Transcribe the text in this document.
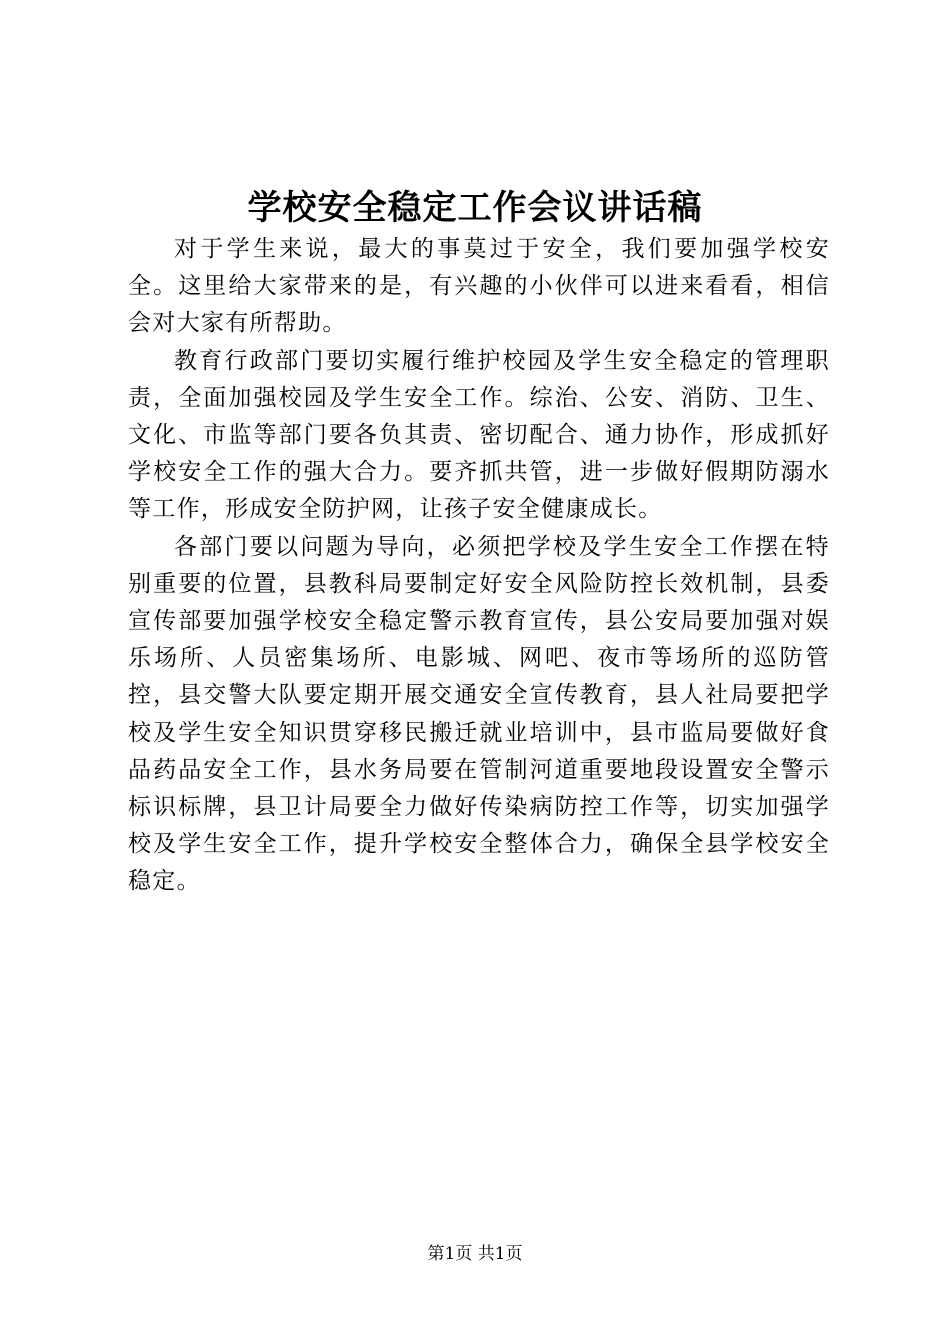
学校安全稳定工作会议讲话稿

对于学生来说，最大的事莫过于安全，我们要加强学校安全。这里给大家带来的是，有兴趣的小伙伴可以进来看看，相信会对大家有所帮助。

教育行政部门要切实履行维护校园及学生安全稳定的管理职责，全面加强校园及学生安全工作。综治、公安、消防、卫生、文化、市监等部门要各负其责、密切配合、通力协作，形成抓好学校安全工作的强大合力。要齐抓共管，进一步做好假期防溺水等工作，形成安全防护网，让孩子安全健康成长。

各部门要以问题为导向，必须把学校及学生安全工作摆在特别重要的位置，县教科局要制定好安全风险防控长效机制，县委宣传部要加强学校安全稳定警示教育宣传，县公安局要加强对娱乐场所、人员密集场所、电影城、网吧、夜市等场所的巡防管控，县交警大队要定期开展交通安全宣传教育，县人社局要把学校及学生安全知识贯穿移民搬迁就业培训中，县市监局要做好食品药品安全工作，县水务局要在管制河道重要地段设置安全警示标识标牌，县卫计局要全力做好传染病防控工作等，切实加强学校及学生安全工作，提升学校安全整体合力，确保全县学校安全稳定。

第1页 共1页
